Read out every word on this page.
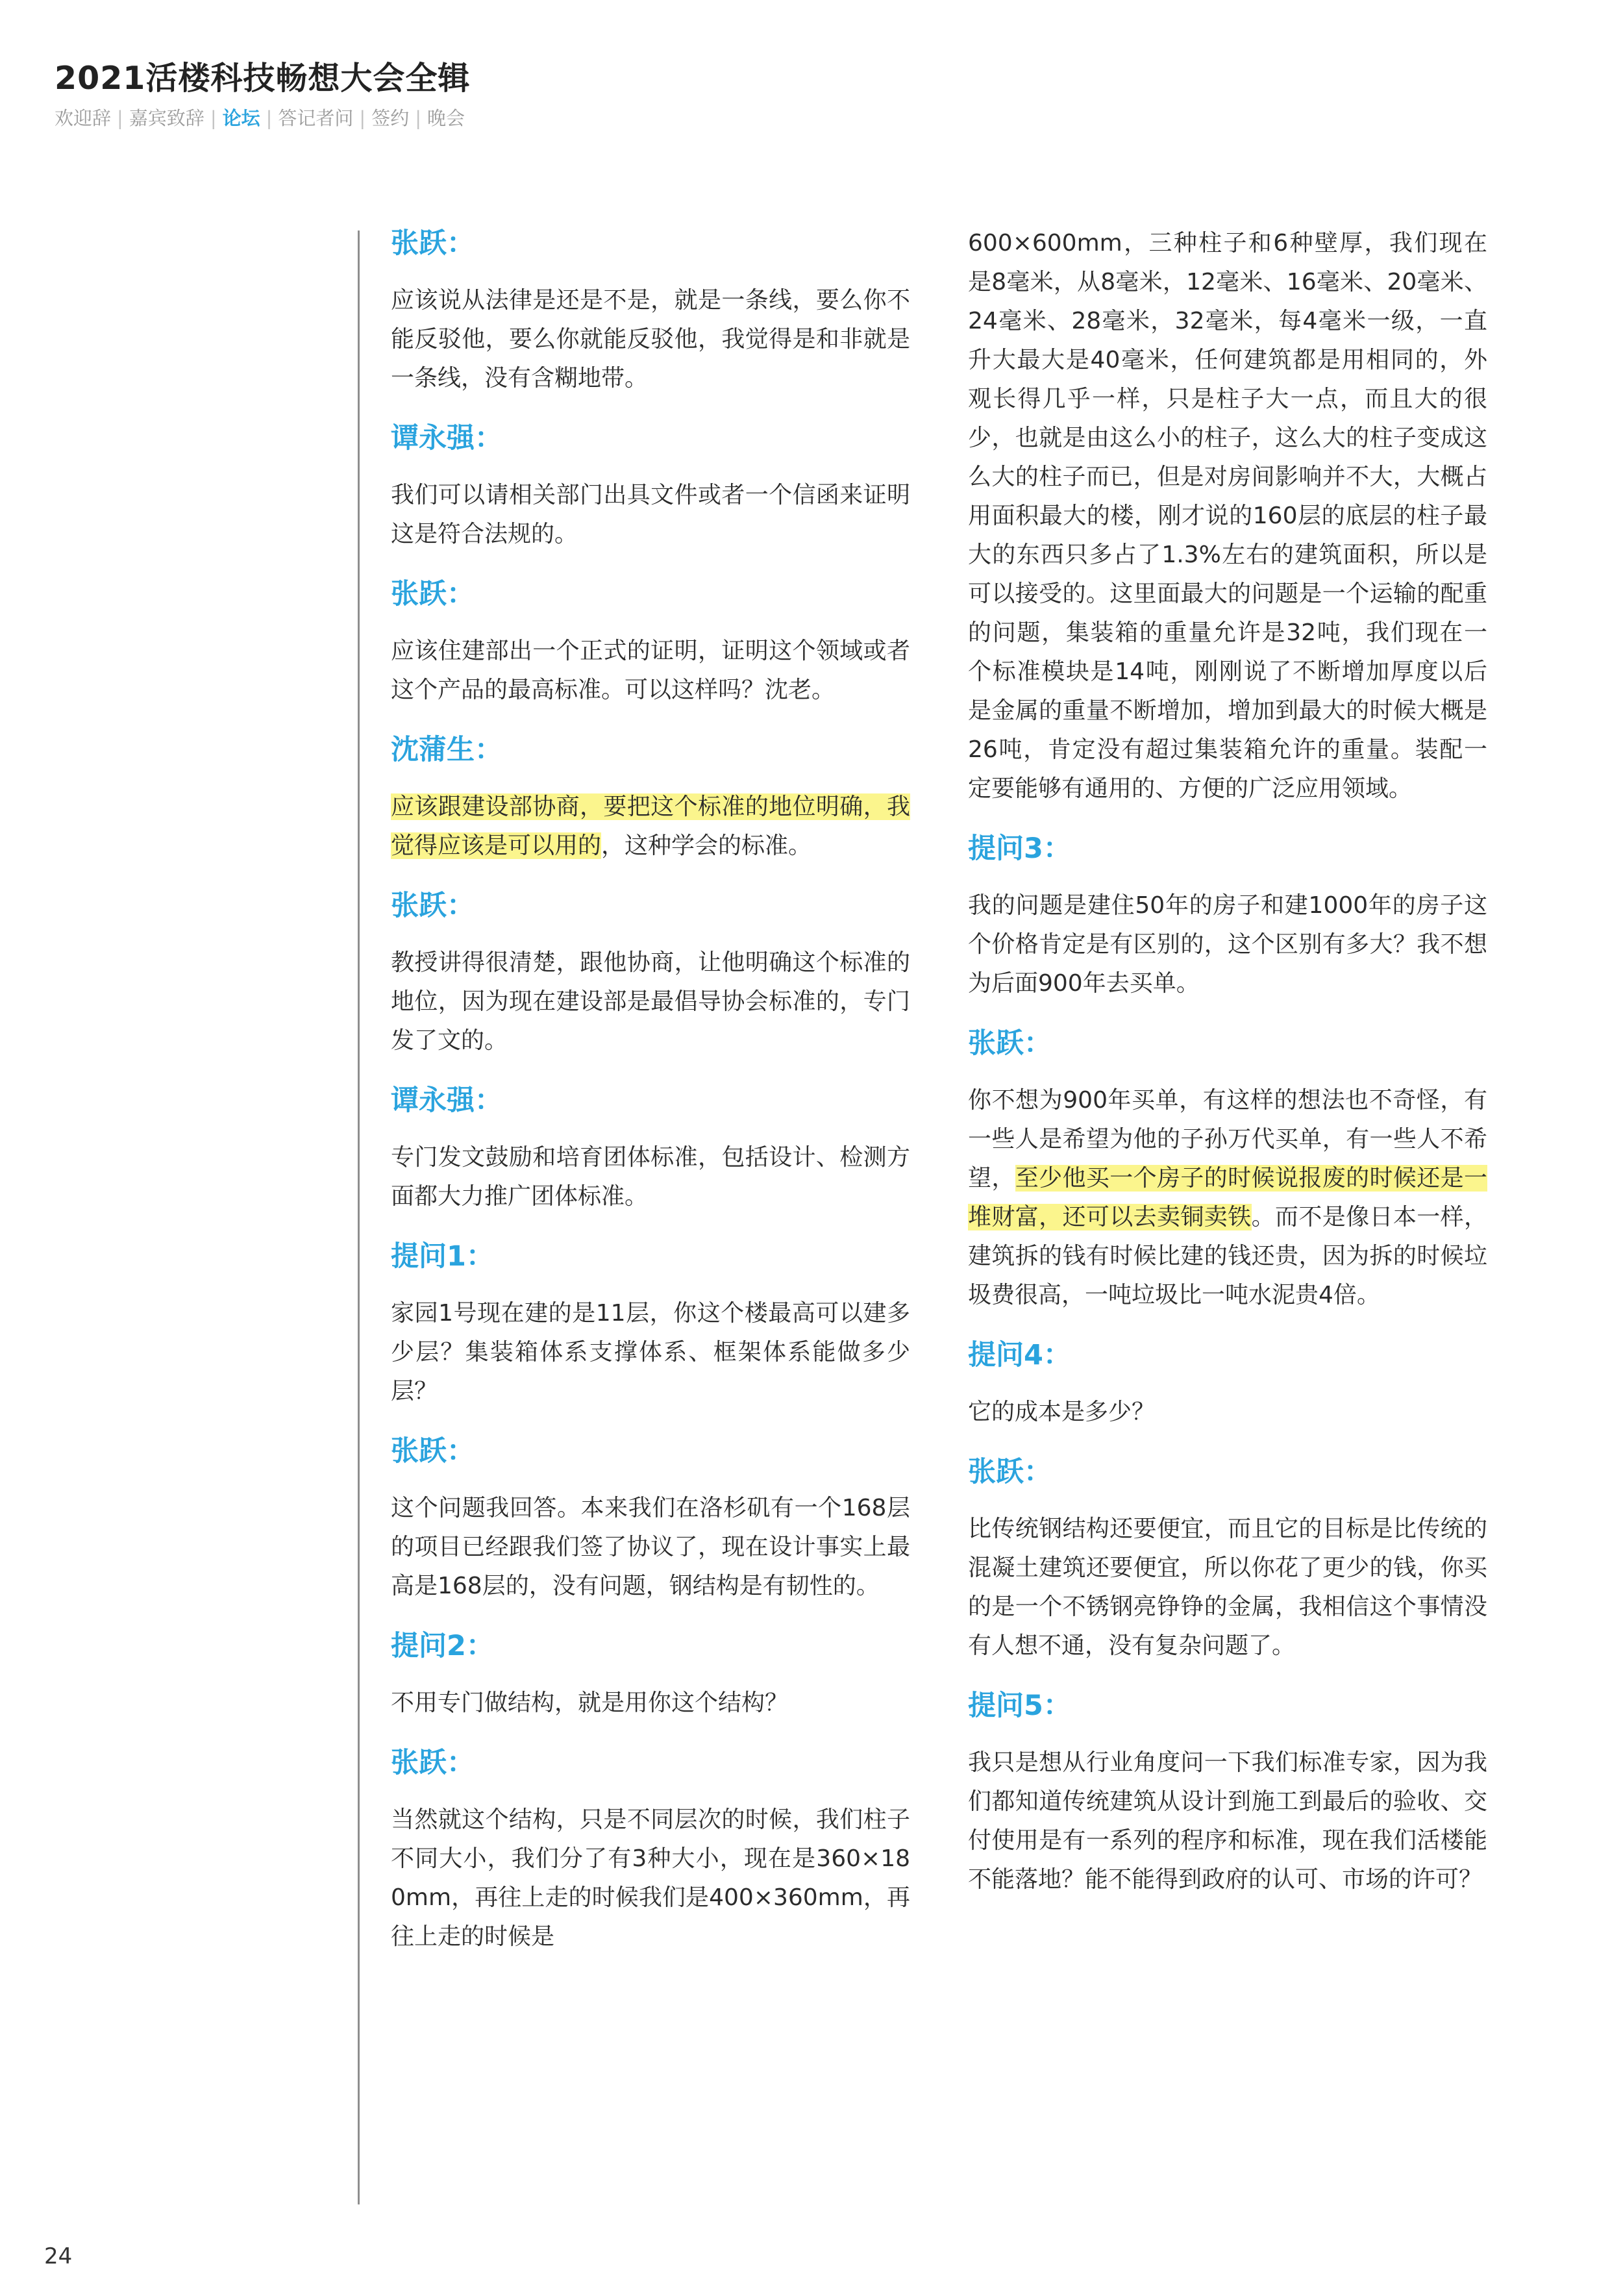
2021活楼科技畅想大会全辑
欢迎辞 | 嘉宾致辞 | 论坛 | 答记者问 | 签约 | 晚会
张跃：
应该说从法律是还是不是，就是一条线，要么你不能反驳他，要么你就能反驳他，我觉得是和非就是一条线，没有含糊地带。
谭永强：
我们可以请相关部门出具文件或者一个信函来证明这是符合法规的。
张跃：
应该住建部出一个正式的证明，证明这个领域或者这个产品的最高标准。可以这样吗？沈老。
沈蒲生：
应该跟建设部协商，要把这个标准的地位明确，我觉得应该是可以用的，这种学会的标准。
张跃：
教授讲得很清楚，跟他协商，让他明确这个标准的地位，因为现在建设部是最倡导协会标准的，专门发了文的。
谭永强：
专门发文鼓励和培育团体标准，包括设计、检测方面都大力推广团体标准。
提问1：
家园1号现在建的是11层，你这个楼最高可以建多少层？集装箱体系支撑体系、框架体系能做多少层？
张跃：
这个问题我回答。本来我们在洛杉矶有一个168层的项目已经跟我们签了协议了，现在设计事实上最高是168层的，没有问题，钢结构是有韧性的。
提问2：
不用专门做结构，就是用你这个结构？
张跃：
当然就这个结构，只是不同层次的时候，我们柱子不同大小，我们分了有3种大小，现在是360×180mm，再往上走的时候我们是400×360mm，再往上走的时候是
600×600mm，三种柱子和6种壁厚，我们现在是8毫米，从8毫米，12毫米、16毫米、20毫米、24毫米、28毫米，32毫米，每4毫米一级，一直升大最大是40毫米，任何建筑都是用相同的，外观长得几乎一样，只是柱子大一点，而且大的很少，也就是由这么小的柱子，这么大的柱子变成这么大的柱子而已，但是对房间影响并不大，大概占用面积最大的楼，刚才说的160层的底层的柱子最大的东西只多占了1.3%左右的建筑面积，所以是可以接受的。这里面最大的问题是一个运输的配重的问题，集装箱的重量允许是32吨，我们现在一个标准模块是14吨，刚刚说了不断增加厚度以后是金属的重量不断增加，增加到最大的时候大概是26吨，肯定没有超过集装箱允许的重量。装配一定要能够有通用的、方便的广泛应用领域。
提问3：
我的问题是建住50年的房子和建1000年的房子这个价格肯定是有区别的，这个区别有多大？我不想为后面900年去买单。
张跃：
你不想为900年买单，有这样的想法也不奇怪，有一些人是希望为他的子孙万代买单，有一些人不希望，至少他买一个房子的时候说报废的时候还是一堆财富，还可以去卖铜卖铁。而不是像日本一样，建筑拆的钱有时候比建的钱还贵，因为拆的时候垃圾费很高，一吨垃圾比一吨水泥贵4倍。
提问4：
它的成本是多少？
张跃：
比传统钢结构还要便宜，而且它的目标是比传统的混凝土建筑还要便宜，所以你花了更少的钱，你买的是一个不锈钢亮铮铮的金属，我相信这个事情没有人想不通，没有复杂问题了。
提问5：
我只是想从行业角度问一下我们标准专家，因为我们都知道传统建筑从设计到施工到最后的验收、交付使用是有一系列的程序和标准，现在我们活楼能不能落地？能不能得到政府的认可、市场的许可？
24
